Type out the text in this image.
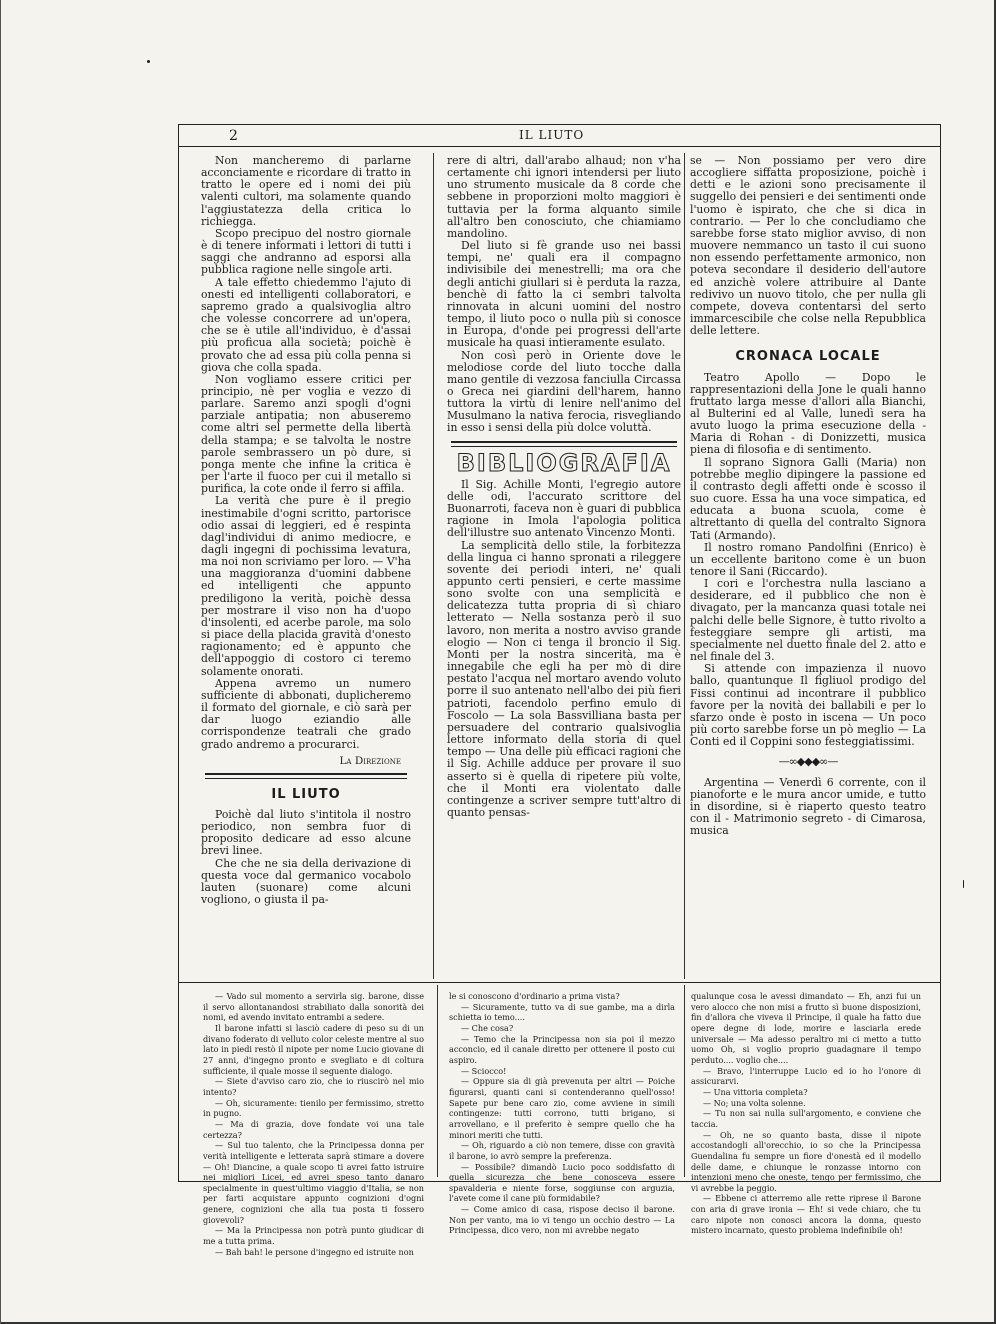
2	IL LIUTO

Non mancheremo di parlarne acconciamente e ricordare di tratto in tratto le opere ed i nomi dei più valenti cultori, ma solamente quando l'aggiustatezza della critica lo richiegga.

Scopo precipuo del nostro giornale è di tenere informati i lettori di tutti i saggi che andranno ad esporsi alla pubblica ragione nelle singole arti.

A tale effetto chiedemmo l'ajuto di onesti ed intelligenti collaboratori, e sapremo grado a qualsivoglia altro che volesse concorrere ad un'opera, che se è utile all'individuo, è d'assai più proficua alla società; poichè è provato che ad essa più colla penna si giova che colla spada.

Non vogliamo essere critici per principio, nè per voglia e vezzo di parlare. Saremo anzi spogli d'ogni parziale antipatia; non abuseremo come altri sel permette della libertà della stampa; e se talvolta le nostre parole sembrassero un pò dure, si ponga mente che infine la critica è per l'arte il fuoco per cui il metallo si purifica, la cote onde il ferro si affila.

La verità che pure è il pregio inestimabile d'ogni scritto, partorisce odio assai di leggieri, ed è respinta dagl'individui di animo mediocre, e dagli ingegni di pochissima levatura, ma noi non scriviamo per loro. — V'ha una maggioranza d'uomini dabbene ed intelligenti che appunto prediligono la verità, poichè dessa per mostrare il viso non ha d'uopo d'insolenti, ed acerbe parole, ma solo si piace della placida gravità d'onesto ragionamento; ed è appunto che dell'appoggio di costoro ci teremo solamente onorati.

Appena avremo un numero sufficiente di abbonati, duplicheremo il formato del giornale, e ciò sarà per dar luogo eziandio alle corrispondenze teatrali che grado grado andremo a procurarci.

La Direzione
IL LIUTO

Poichè dal liuto s'intitola il nostro periodico, non sembra fuor di proposito dedicare ad esso alcune brevi linee.

Che che ne sia della derivazione di questa voce dal germanico vocabolo lauten (suonare) come alcuni vogliono, o giusta il pa-

rere di altri, dall'arabo alhaud; non v'ha certamente chi ignori intendersi per liuto uno strumento musicale da 8 corde che sebbene in proporzioni molto maggiori è tuttavia per la forma alquanto simile all'altro ben conosciuto, che chiamiamo mandolino.

Del liuto si fè grande uso nei bassi tempi, ne' quali era il compagno indivisibile dei menestrelli; ma ora che degli antichi giullari si è perduta la razza, benchè di fatto la ci sembri talvolta rinnovata in alcuni uomini del nostro tempo, il liuto poco o nulla più si conosce in Europa, d'onde pei progressi dell'arte musicale ha quasi intieramente esulato.

Non così però in Oriente dove le melodiose corde del liuto tocche dalla mano gentile di vezzosa fanciulla Circassa o Greca nei giardini dell'harem, hanno tuttora la virtù di lenire nell'animo del Musulmano la nativa ferocia, risvegliando in esso i sensi della più dolce voluttà.

BIBLIOGRAFIA

Il Sig. Achille Monti, l'egregio autore delle odi, l'accurato scrittore del Buonarroti, faceva non è guari di pubblica ragione in Imola l'apologia politica dell'illustre suo antenato Vincenzo Monti.

La semplicità dello stile, la forbitezza della lingua ci hanno spronati a rileggere sovente dei periodi interi, ne' quali appunto certi pensieri, e certe massime sono svolte con una semplicità e delicatezza tutta propria di sì chiaro letterato — Nella sostanza però il suo lavoro, non merita a nostro avviso grande elogio — Non ci tenga il broncio il Sig. Monti per la nostra sincerità, ma è innegabile che egli ha per mò di dire pestato l'acqua nel mortaro avendo voluto porre il suo antenato nell'albo dei più fieri patrioti, facendolo perfino emulo di Foscolo — La sola Bassvilliana basta per persuadere del contrario qualsivoglia lettore informato della storia di quel tempo — Una delle più efficaci ragioni che il Sig. Achille adduce per provare il suo asserto si è quella di ripetere più volte, che il Monti era violentato dalle contingenze a scriver sempre tutt'altro di quanto pensas-

se — Non possiamo per vero dire accogliere siffatta proposizione, poichè i detti e le azioni sono precisamente il suggello dei pensieri e dei sentimenti onde l'uomo è ispirato, che che si dica in contrario. — Per lo che concludiamo che sarebbe forse stato miglior avviso, di non muovere nemmanco un tasto il cui suono non essendo perfettamente armonico, non poteva secondare il desiderio dell'autore ed anzichè volere attribuire al Dante redivivo un nuovo titolo, che per nulla gli compete, doveva contentarsi del serto immarcescibile che colse nella Repubblica delle lettere.

CRONACA LOCALE

Teatro Apollo — Dopo le rappresentazioni della Jone le quali hanno fruttato larga messe d'allori alla Bianchi, al Bulterini ed al Valle, lunedì sera ha avuto luogo la prima esecuzione della - Maria di Rohan - di Donizzetti, musica piena di filosofia e di sentimento.

Il soprano Signora Galli (Maria) non potrebbe meglio dipingere la passione ed il contrasto degli affetti onde è scosso il suo cuore. Essa ha una voce simpatica, ed educata a buona scuola, come è altrettanto di quella del contralto Signora Tati (Armando).

Il nostro romano Pandolfini (Enrico) è un eccellente baritono come è un buon tenore il Sani (Riccardo).

I cori e l'orchestra nulla lasciano a desiderare, ed il pubblico che non è divagato, per la mancanza quasi totale nei palchi delle belle Signore, è tutto rivolto a festeggiare sempre gli artisti, ma specialmente nel duetto finale del 2. atto e nel finale del 3.

Si attende con impazienza il nuovo ballo, quantunque Il figliuol prodigo del Fissi continui ad incontrare il pubblico favore per la novità dei ballabili e per lo sfarzo onde è posto in iscena — Un poco più corto sarebbe forse un pò meglio — La Conti ed il Coppini sono festeggiatissimi.

—∞◆◆◆∞—

Argentina — Venerdì 6 corrente, con il pianoforte e le mura ancor umide, e tutto in disordine, si è riaperto questo teatro con il - Matrimonio segreto - di Cimarosa, musica

— Vado sul momento a servirla sig. barone, disse il servo allontanandosi strabiliato dalla sonorità dei nomi, ed avendo invitato entrambi a sedere.

Il barone infatti si lasciò cadere di peso su di un divano foderato di velluto color celeste mentre al suo lato in piedi restò il nipote per nome Lucio giovane di 27 anni, d'ingegno pronto e svegliato e di coltura sufficiente, il quale mosse il seguente dialogo.

— Siete d'avviso caro zio, che io riuscirò nel mio intento?

— Oh, sicuramente: tienilo per fermissimo, stretto in pugno.

— Ma di grazia, dove fondate voi una tale certezza?

— Sul tuo talento, che la Principessa donna per verità intelligente e letterata saprà stimare a dovere — Oh! Diancine, a quale scopo ti avrei fatto istruire nei migliori Licei, ed avrei speso tanto danaro specialmente in quest'ultimo viaggio d'Italia, se non per farti acquistare appunto cognizioni d'ogni genere, cognizioni che alla tua posta ti fossero giovevoli?

— Ma la Principessa non potrà punto giudicar di me a tutta prima.

— Bah bah! le persone d'ingegno ed istruite non

le si conoscono d'ordinario a prima vista?

— Sicuramente, tutto va di sue gambe, ma a dirla schietta io temo....

— Che cosa?

— Temo che la Principessa non sia poi il mezzo acconcio, ed il canale diretto per ottenere il posto cui aspiro.

— Sciocco!

— Oppure sia di già prevenuta per altri — Poiche figurarsi, quanti cani si contenderanno quell'osso! Sapete pur bene caro zio, come avviene in simili contingenze: tutti corrono, tutti brigano, si arrovellano, e il preferito è sempre quello che ha minori meriti che tutti.

— Oh, riguardo a ciò non temere, disse con gravità il barone, io avrò sempre la preferenza.

— Possibile? dimandò Lucio poco soddisfatto di quella sicurezza che bene conosceva essere spavalderia e niente forse, soggiunse con arguzia, l'avete come il cane più formidabile?

— Come amico di casa, rispose deciso il barone. Non per vanto, ma io vi tengo un occhio destro — La Principessa, dico vero, non mi avrebbe negato

qualunque cosa le avessi dimandato — Eh, anzi fui un vero alocco che non misi a frutto sì buone disposizioni, fin d'allora che viveva il Principe, il quale ha fatto due opere degne di lode, morire e lasciarla erede universale — Ma adesso peraltro mi ci metto a tutto uomo Oh, si voglio proprio guadagnare il tempo perduto.... voglio che....

— Bravo, l'interruppe Lucio ed io ho l'onore di assicurarvi.

— Una vittoria completa?

— No; una volta solenne.

— Tu non sai nulla sull'argomento, e conviene che taccia.

— Oh, ne so quanto basta, disse il nipote accostandogli all'orecchio, io so che la Principessa Guendalina fu sempre un fiore d'onestà ed il modello delle dame, e chiunque le ronzasse intorno con intenzioni meno che oneste, tengo per fermissimo, che vi avrebbe la peggio.

— Ebbene ci atterremo alle rette riprese il Barone con aria di grave ironia — Eh! si vede chiaro, che tu caro nipote non conosci ancora la donna, questo mistero incarnato, questo problema indefinibile oh!
